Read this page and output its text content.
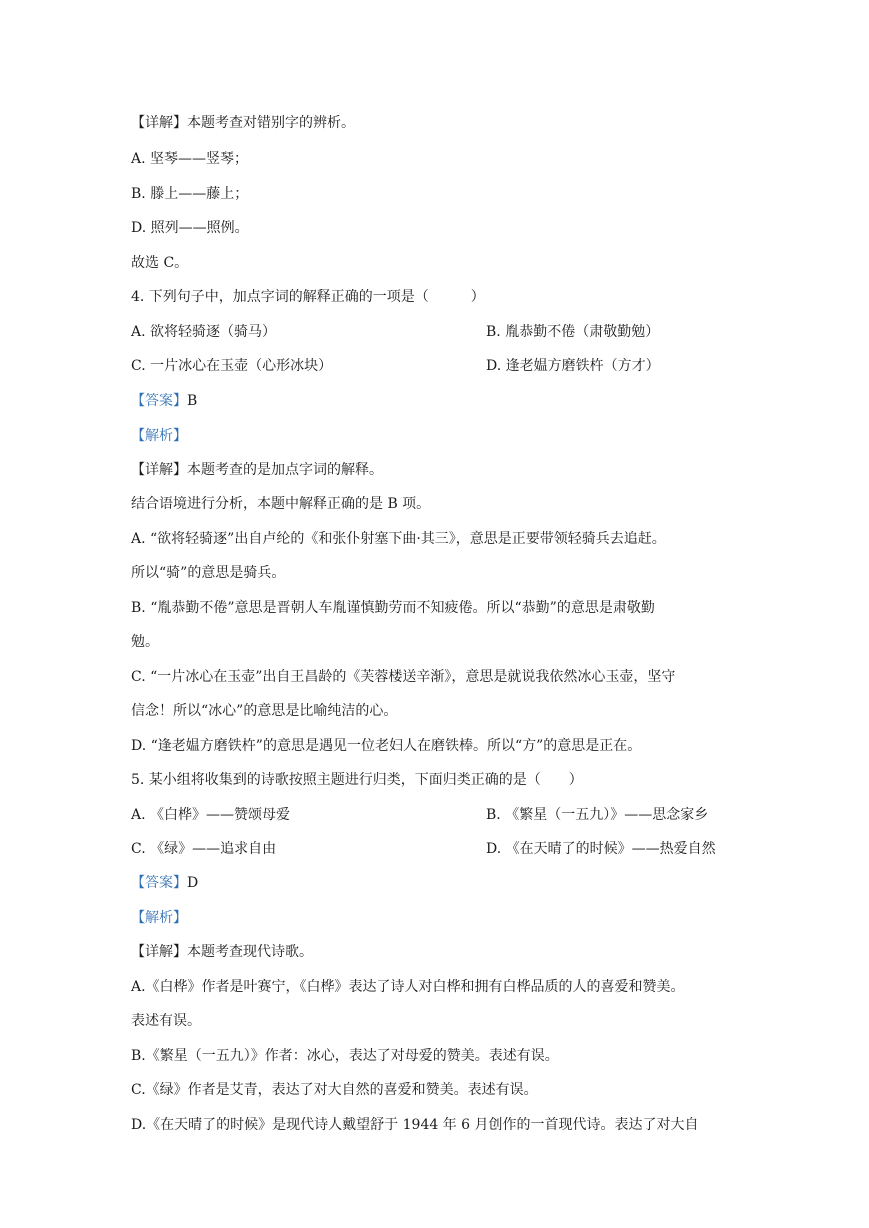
【详解】本题考查对错别字的辨析。
A. 坚琴——竖琴；
B. 滕上——藤上；
D. 照列——照例。
故选 C。
4. 下列句子中，加点字词的解释正确的一项是（　　　）
A. 欲将轻骑逐（骑马）	B. 胤恭勤不倦（肃敬勤勉）
C. 一片冰心在玉壶（心形冰块）	D. 逢老媪方磨铁杵（方才）
【答案】B
【解析】
【详解】本题考查的是加点字词的解释。
结合语境进行分析，本题中解释正确的是 B 项。
A. “欲将轻骑逐”出自卢纶的《和张仆射塞下曲·其三》，意思是正要带领轻骑兵去追赶。
所以“骑”的意思是骑兵。
B. “胤恭勤不倦”意思是晋朝人车胤谨慎勤劳而不知疲倦。所以“恭勤”的意思是肃敬勤
勉。
C. “一片冰心在玉壶”出自王昌龄的《芙蓉楼送辛渐》，意思是就说我依然冰心玉壶，坚守
信念！所以“冰心”的意思是比喻纯洁的心。
D. “逢老媪方磨铁杵”的意思是遇见一位老妇人在磨铁棒。所以“方”的意思是正在。
5. 某小组将收集到的诗歌按照主题进行归类，下面归类正确的是（　　）
A. 《白桦》——赞颂母爱	B. 《繁星（一五九）》——思念家乡
C. 《绿》——追求自由	D. 《在天晴了的时候》——热爱自然
【答案】D
【解析】
【详解】本题考查现代诗歌。
A.《白桦》作者是叶赛宁，《白桦》表达了诗人对白桦和拥有白桦品质的人的喜爱和赞美。
表述有误。
B.《繁星（一五九）》作者：冰心，表达了对母爱的赞美。表述有误。
C.《绿》作者是艾青，表达了对大自然的喜爱和赞美。表述有误。
D.《在天晴了的时候》是现代诗人戴望舒于 1944 年 6 月创作的一首现代诗。表达了对大自
